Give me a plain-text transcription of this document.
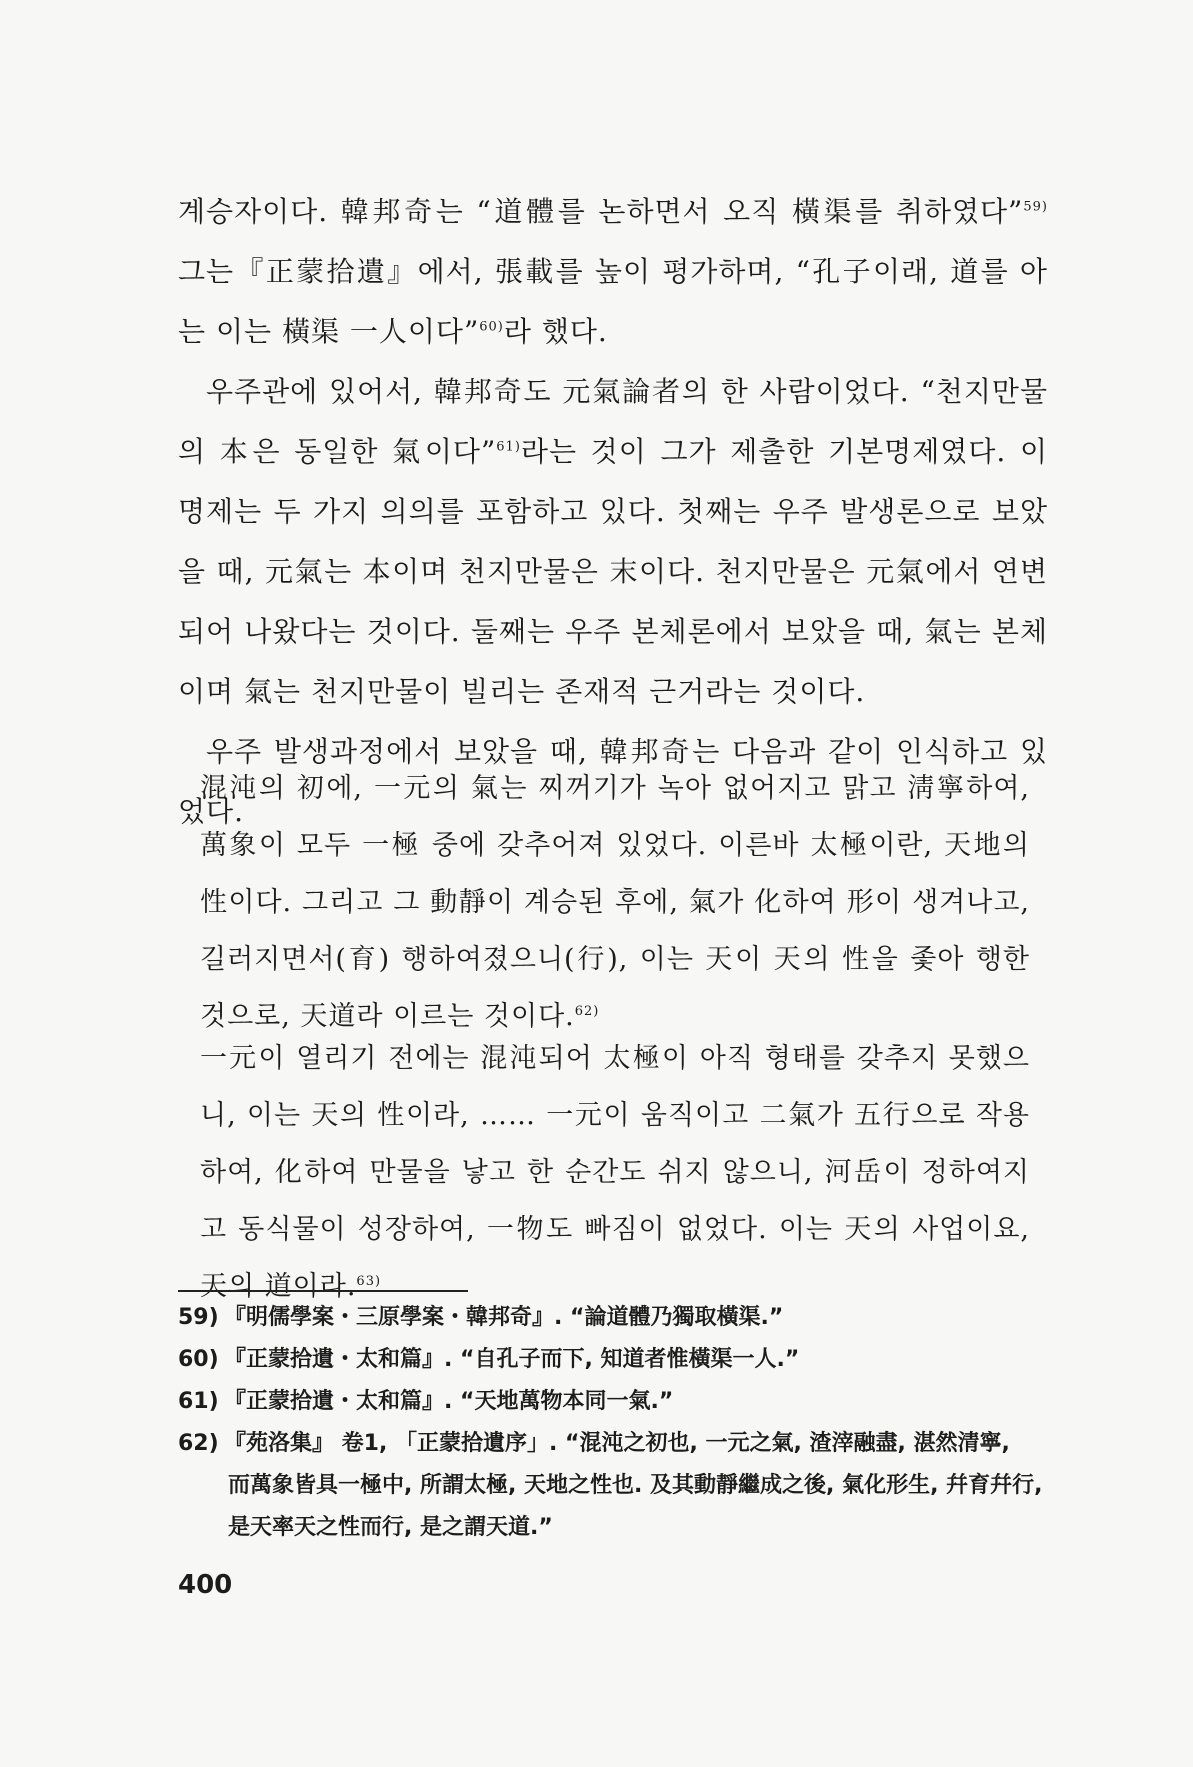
계승자이다. 韓邦奇는 “道體를 논하면서 오직 橫渠를 취하였다”$^{59)}$ 그는『正蒙拾遺』에서, 張載를 높이 평가하며, “孔子이래, 道를 아는 이는 橫渠 一人이다”$^{60)}$라 했다.

우주관에 있어서, 韓邦奇도 元氣論者의 한 사람이었다. “천지만물의 本은 동일한 氣이다”$^{61)}$라는 것이 그가 제출한 기본명제였다. 이 명제는 두 가지 의의를 포함하고 있다. 첫째는 우주 발생론으로 보았을 때, 元氣는 本이며 천지만물은 末이다. 천지만물은 元氣에서 연변되어 나왔다는 것이다. 둘째는 우주 본체론에서 보았을 때, 氣는 본체이며 氣는 천지만물이 빌리는 존재적 근거라는 것이다.

우주 발생과정에서 보았을 때, 韓邦奇는 다음과 같이 인식하고 있었다.

混沌의 初에, 一元의 氣는 찌꺼기가 녹아 없어지고 맑고 淸寧하여, 萬象이 모두 一極 중에 갖추어져 있었다. 이른바 太極이란, 天地의 性이다. 그리고 그 動靜이 계승된 후에, 氣가 化하여 形이 생겨나고, 길러지면서(育) 행하여졌으니(行), 이는 天이 天의 性을 좇아 행한 것으로, 天道라 이르는 것이다.$^{62)}$

一元이 열리기 전에는 混沌되어 太極이 아직 형태를 갖추지 못했으니, 이는 天의 性이라, …… 一元이 움직이고 二氣가 五行으로 작용하여, 化하여 만물을 낳고 한 순간도 쉬지 않으니, 河岳이 정하여지고 동식물이 성장하여, 一物도 빠짐이 없었다. 이는 天의 사업이요, 天의 道이라.$^{63)}$

59) 『明儒學案・三原學案・韓邦奇』. “論道體乃獨取橫渠.”

60) 『正蒙拾遺・太和篇』. “自孔子而下, 知道者惟橫渠一人.”

61) 『正蒙拾遺・太和篇』. “天地萬物本同一氣.”

62) 『苑洛集』 卷1, 「正蒙拾遺序」. “混沌之初也, 一元之氣, 渣滓融盡, 湛然清寧,

而萬象皆具一極中, 所謂太極, 天地之性也. 及其動靜繼成之後, 氣化形生, 幷育幷行, 是天率天之性而行, 是之謂天道.”

400
